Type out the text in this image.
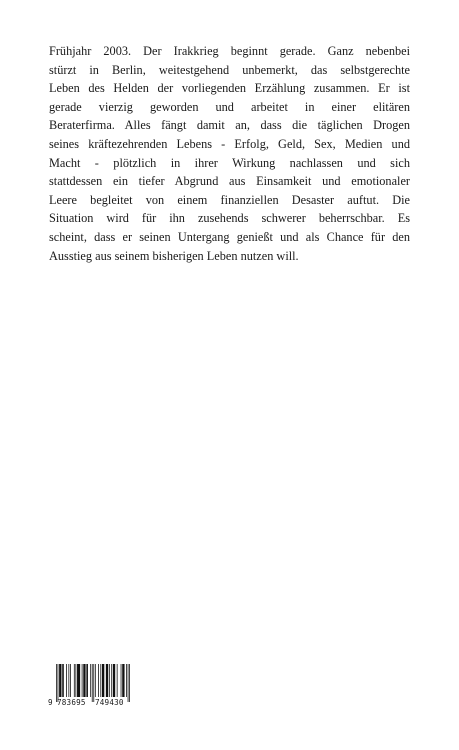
Frühjahr 2003. Der Irakkrieg beginnt gerade. Ganz nebenbei
stürzt in Berlin, weitestgehend unbemerkt, das selbstgerechte
Leben des Helden der vorliegenden Erzählung zusammen. Er ist
gerade vierzig geworden und arbeitet in einer elitären
Beraterfirma. Alles fängt damit an, dass die täglichen Drogen
seines kräftezehrenden Lebens - Erfolg, Geld, Sex, Medien und
Macht - plötzlich in ihrer Wirkung nachlassen und sich
stattdessen ein tiefer Abgrund aus Einsamkeit und emotionaler
Leere begleitet von einem finanziellen Desaster auftut. Die
Situation wird für ihn zusehends schwerer beherrschbar. Es
scheint, dass er seinen Untergang genießt und als Chance für den
Ausstieg aus seinem bisherigen Leben nutzen will.
9 783695 749430
